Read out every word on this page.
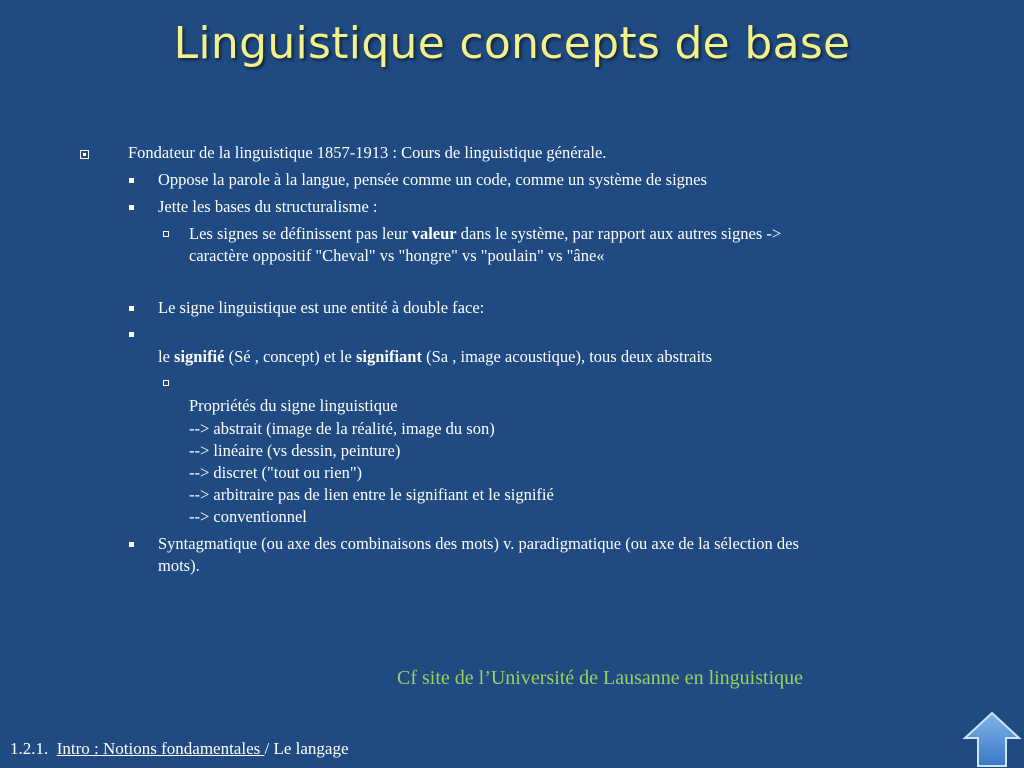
Linguistique concepts de base
Fondateur de la linguistique 1857-1913 : Cours de linguistique générale.
Oppose la parole à la langue, pensée comme un code, comme un système de signes
Jette les bases du structuralisme :
Les signes se définissent pas leur valeur dans le système, par rapport aux autres signes ->
caractère oppositif "Cheval" vs "hongre" vs "poulain" vs "âne«
Le signe linguistique est une entité à double face:
le signifié (Sé , concept) et le signifiant (Sa , image acoustique), tous deux abstraits
Propriétés du signe linguistique
--> abstrait (image de la réalité, image du son)
--> linéaire (vs dessin, peinture)
--> discret ("tout ou rien")
--> arbitraire pas de lien entre le signifiant et le signifié
--> conventionnel
Syntagmatique (ou axe des combinaisons des mots) v. paradigmatique (ou axe de la sélection des
mots).
Cf site de l’Université de Lausanne en linguistique
1.2.1. Intro : Notions fondamentales / Le langage
